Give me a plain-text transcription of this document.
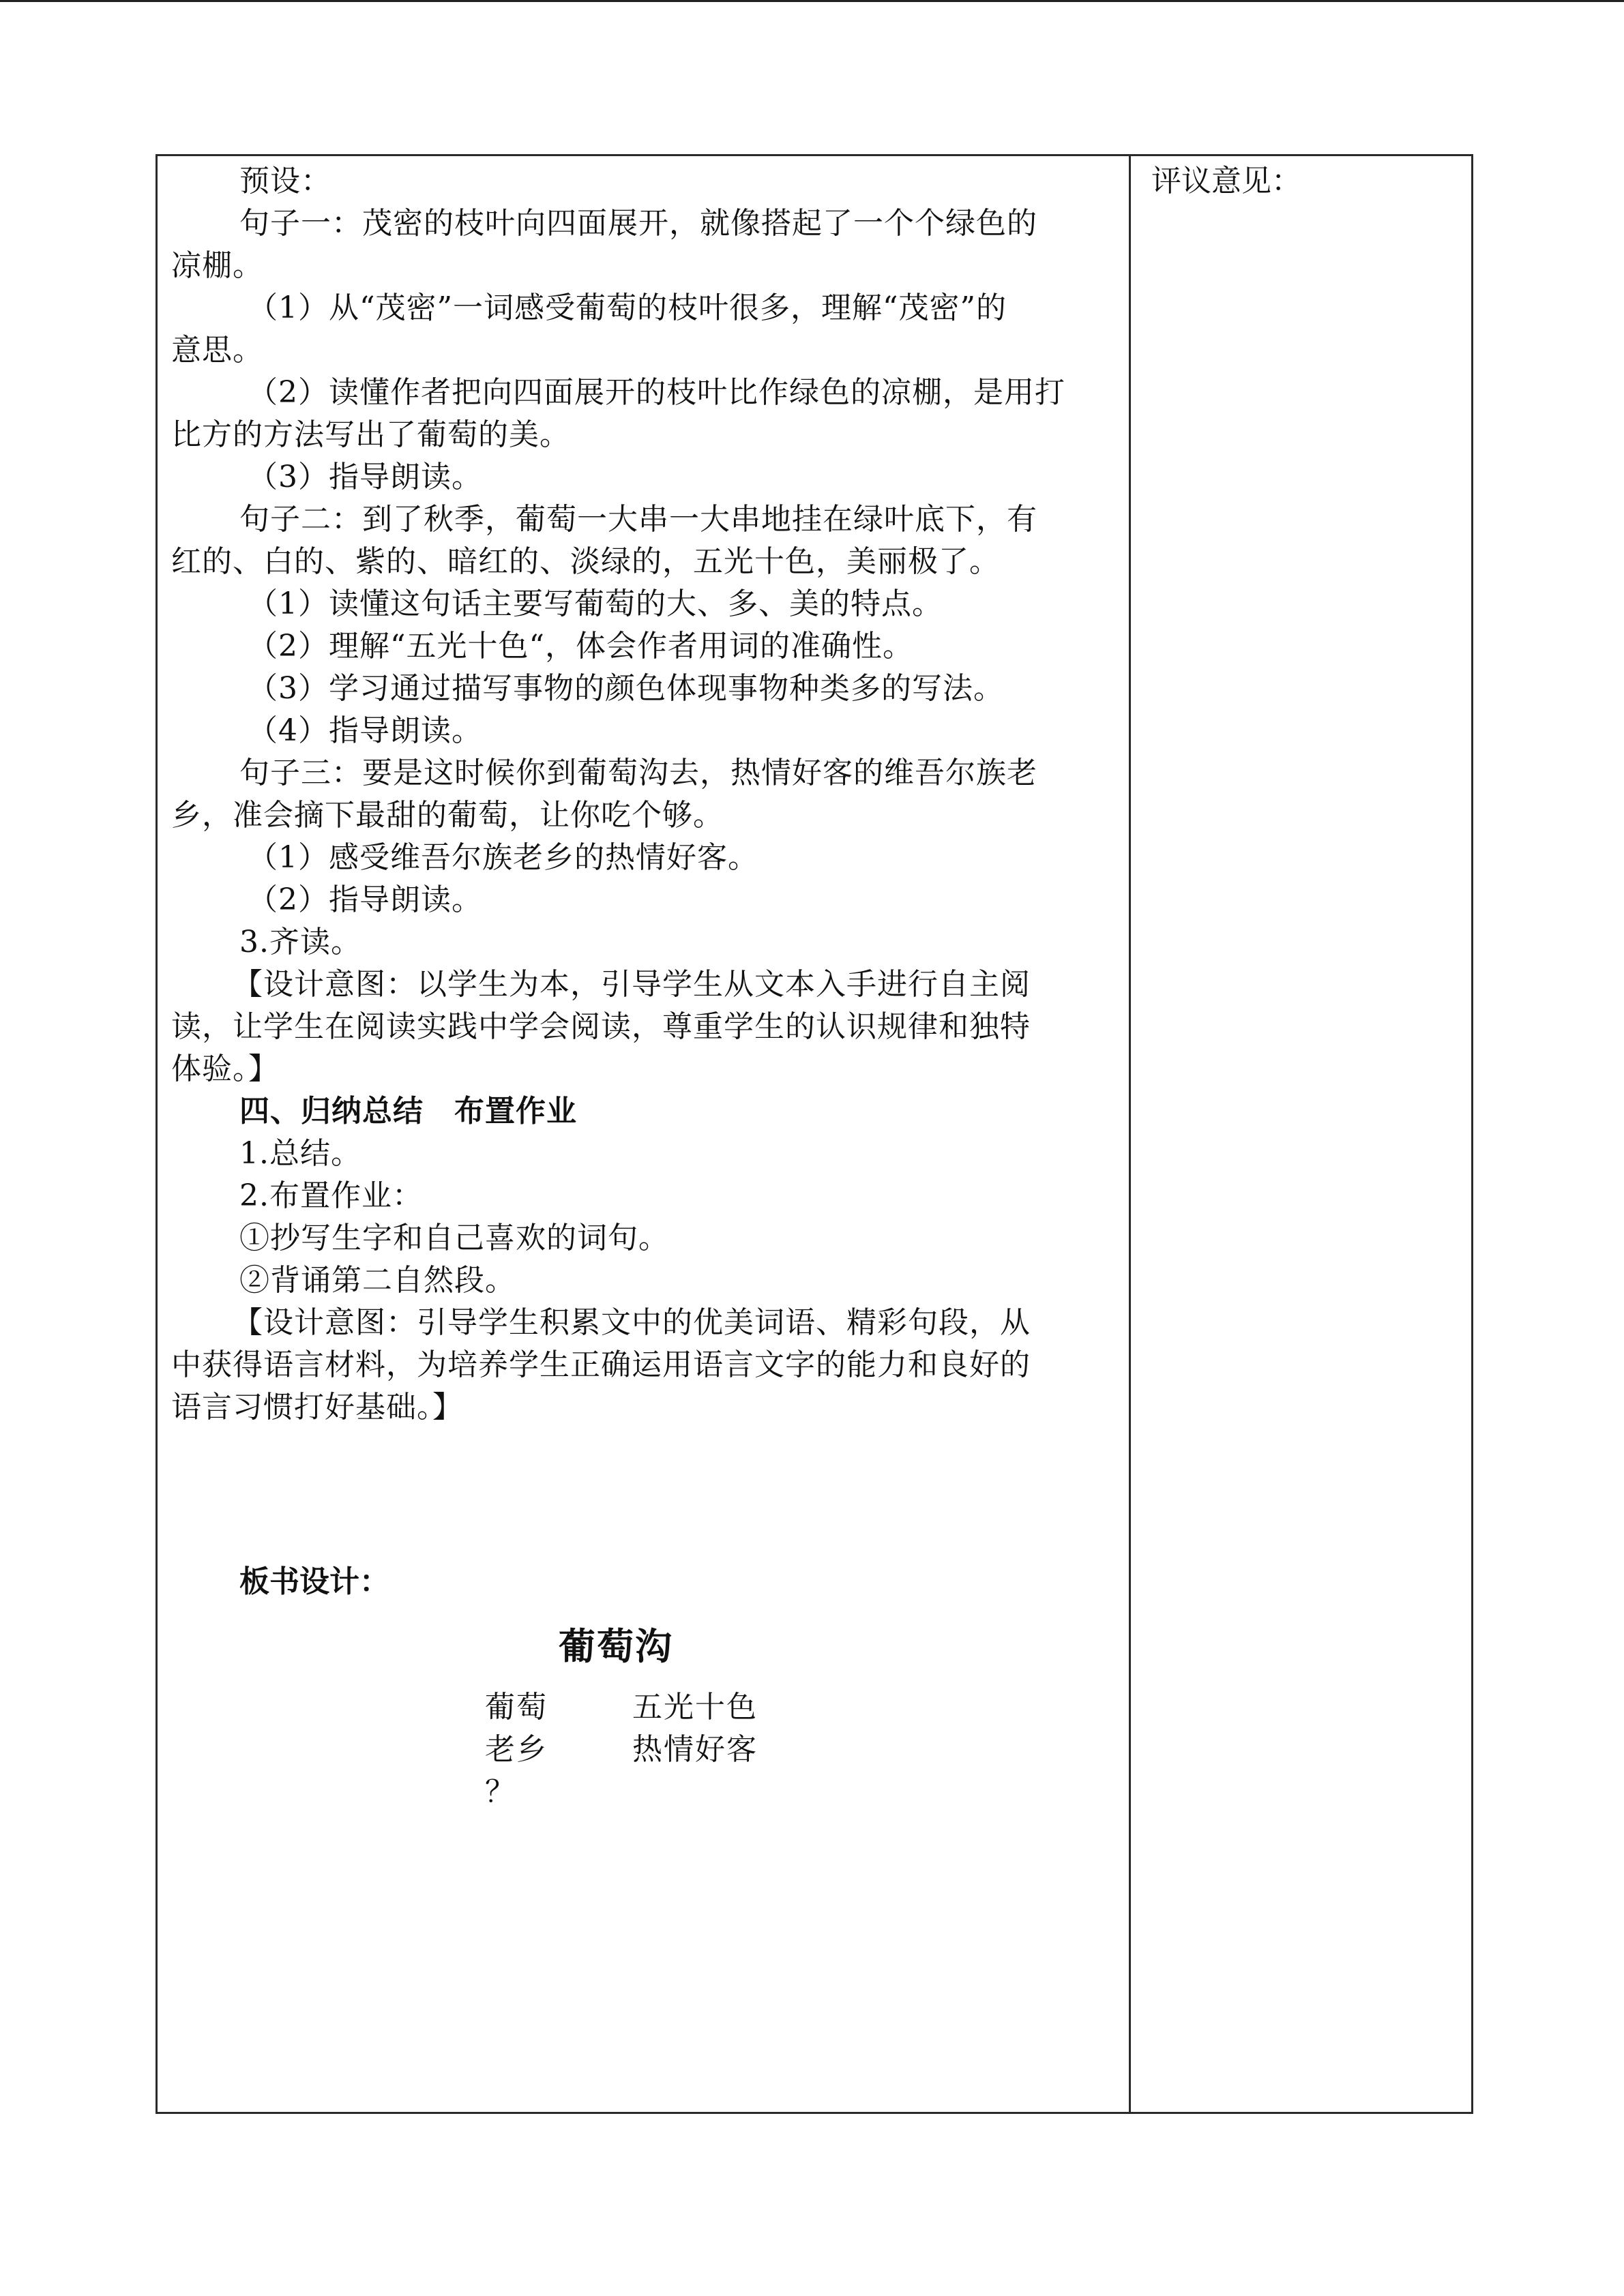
预设：
句子一：茂密的枝叶向四面展开，就像搭起了一个个绿色的
凉棚。
（1）从“茂密”一词感受葡萄的枝叶很多，理解“茂密”的
意思。
（2）读懂作者把向四面展开的枝叶比作绿色的凉棚，是用打
比方的方法写出了葡萄的美。
（3）指导朗读。
句子二：到了秋季，葡萄一大串一大串地挂在绿叶底下，有
红的、白的、紫的、暗红的、淡绿的，五光十色，美丽极了。
（1）读懂这句话主要写葡萄的大、多、美的特点。
（2）理解“五光十色“，体会作者用词的准确性。
（3）学习通过描写事物的颜色体现事物种类多的写法。
（4）指导朗读。
句子三：要是这时候你到葡萄沟去，热情好客的维吾尔族老
乡，准会摘下最甜的葡萄，让你吃个够。
（1）感受维吾尔族老乡的热情好客。
（2）指导朗读。
3.齐读。
【设计意图：以学生为本，引导学生从文本入手进行自主阅
读，让学生在阅读实践中学会阅读，尊重学生的认识规律和独特
体验。】
四、归纳总结　布置作业
1.总结。
2.布置作业：
①抄写生字和自己喜欢的词句。
②背诵第二自然段。
【设计意图：引导学生积累文中的优美词语、精彩句段，从
中获得语言材料，为培养学生正确运用语言文字的能力和良好的
语言习惯打好基础。】
板书设计：
葡萄沟
葡萄	五光十色
老乡	热情好客
？
评议意见：
